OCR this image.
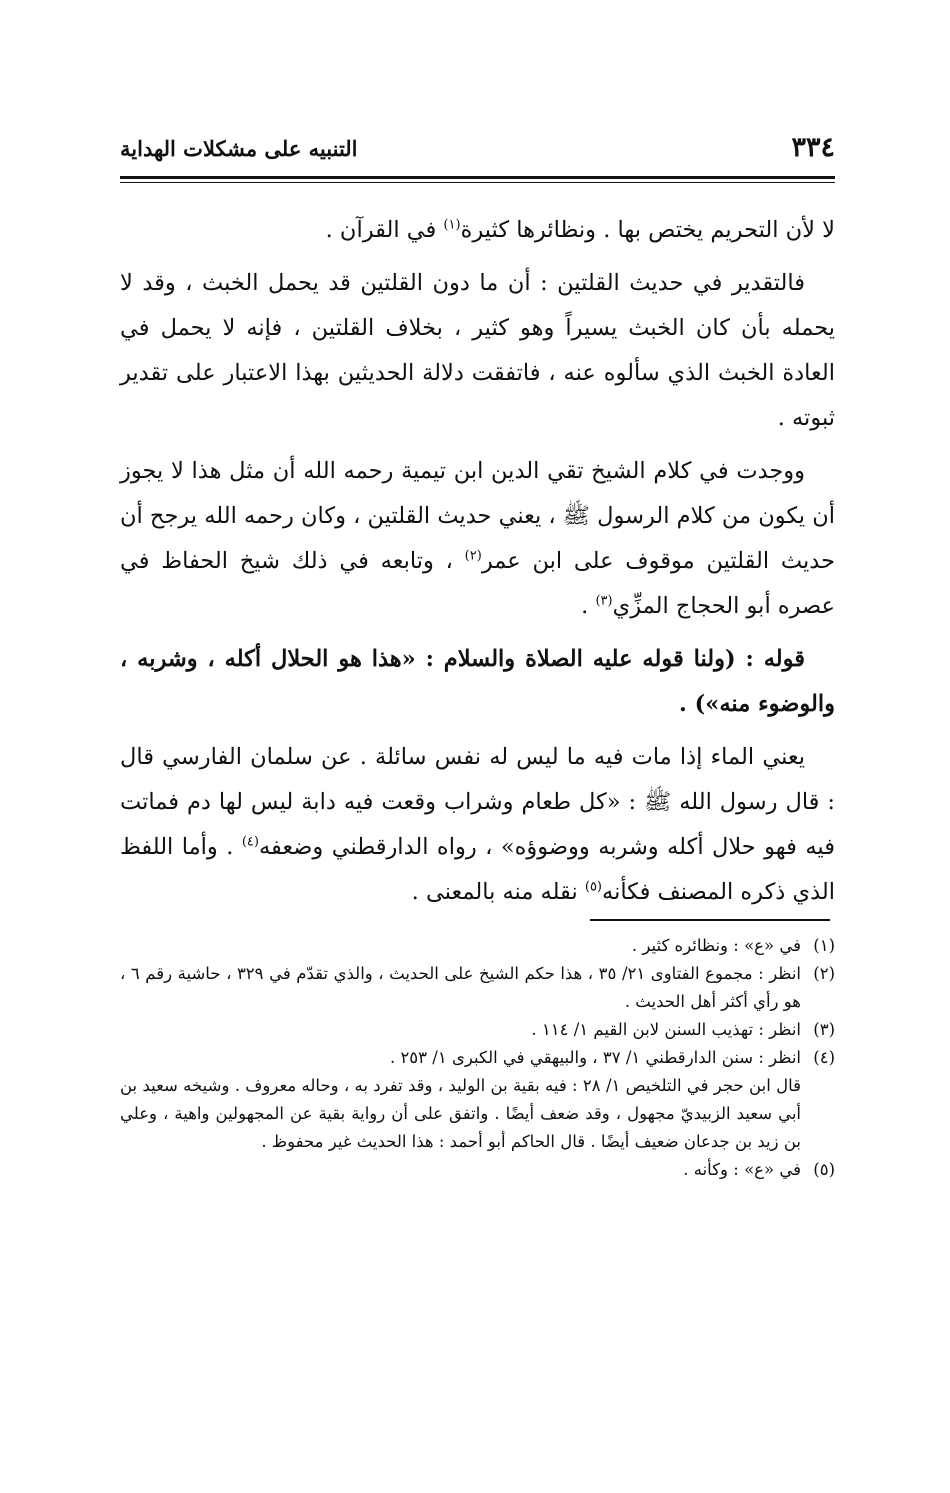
٣٣٤
التنبيه على مشكلات الهداية

لا لأن التحريم يختص بها . ونظائرها كثيرة$^{(١)}$ في القرآن .

فالتقدير في حديث القلتين : أن ما دون القلتين قد يحمل الخبث ، وقد لا يحمله بأن كان الخبث يسيراً وهو كثير ، بخلاف القلتين ، فإنه لا يحمل في العادة الخبث الذي سألوه عنه ، فاتفقت دلالة الحديثين بهذا الاعتبار على تقدير ثبوته .

ووجدت في كلام الشيخ تقي الدين ابن تيمية رحمه الله أن مثل هذا لا يجوز أن يكون من كلام الرسول ﷺ ، يعني حديث القلتين ، وكان رحمه الله يرجح أن حديث القلتين موقوف على ابن عمر$^{(٢)}$ ، وتابعه في ذلك شيخ الحفاظ في عصره أبو الحجاج المزِّي$^{(٣)}$ .

قوله : (ولنا قوله عليه الصلاة والسلام : «هذا هو الحلال أكله ، وشربه ، والوضوء منه») .

يعني الماء إذا مات فيه ما ليس له نفس سائلة . عن سلمان الفارسي قال : قال رسول الله ﷺ : «كل طعام وشراب وقعت فيه دابة ليس لها دم فماتت فيه فهو حلال أكله وشربه ووضوؤه» ، رواه الدارقطني وضعفه$^{(٤)}$ . وأما اللفظ الذي ذكره المصنف فكأنه$^{(٥)}$ نقله منه بالمعنى .

(١)
في «ع» : ونظائره كثير .
(٢)
انظر : مجموع الفتاوى ٢١/ ٣٥ ، هذا حكم الشيخ على الحديث ، والذي تقدّم في ٣٢٩ ، حاشية رقم ٦ ، هو رأي أكثر أهل الحديث .
(٣)
انظر : تهذيب السنن لابن القيم ١/ ١١٤ .
(٤)
انظر : سنن الدارقطني ١/ ٣٧ ، والبيهقي في الكبرى ١/ ٢٥٣ .
قال ابن حجر في التلخيص ١/ ٢٨ : فيه بقية بن الوليد ، وقد تفرد به ، وحاله معروف . وشيخه سعيد بن أبي سعيد الزبيديّ مجهول ، وقد ضعف أيضًا . واتفق على أن رواية بقية عن المجهولين واهية ، وعلي بن زيد بن جدعان ضعيف أيضًا . قال الحاكم أبو أحمد : هذا الحديث غير محفوظ .
(٥)
في «ع» : وكأنه .
